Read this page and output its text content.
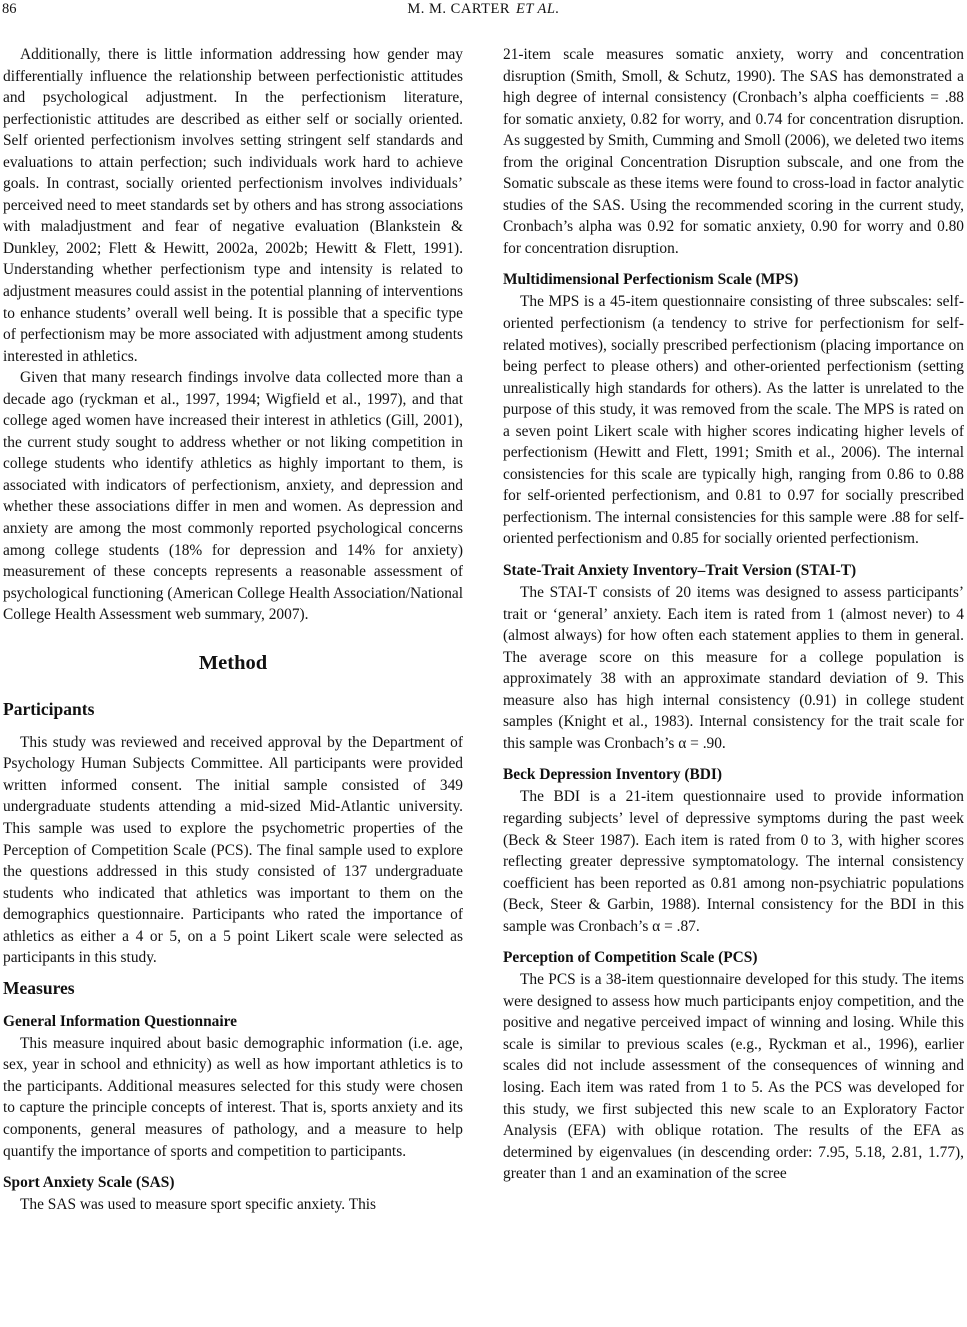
86	M. M. CARTER ET AL.

Additionally, there is little information addressing how gender may differentially influence the relationship between perfectionistic attitudes and psychological adjustment. In the perfectionism literature, perfectionistic attitudes are described as either self or socially oriented. Self oriented perfectionism involves setting stringent self standards and evaluations to attain perfection; such individuals work hard to achieve goals. In contrast, socially oriented perfectionism involves individuals’ perceived need to meet standards set by others and has strong associations with maladjustment and fear of negative evaluation (Blankstein & Dunkley, 2002; Flett & Hewitt, 2002a, 2002b; Hewitt & Flett, 1991). Understanding whether perfectionism type and intensity is related to adjustment measures could assist in the potential planning of interventions to enhance students’ overall well being. It is possible that a specific type of perfectionism may be more associated with adjustment among students interested in athletics.

Given that many research findings involve data collected more than a decade ago (ryckman et al., 1997, 1994; Wigfield et al., 1997), and that college aged women have increased their interest in athletics (Gill, 2001), the current study sought to address whether or not liking competition in college students who identify athletics as highly important to them, is associated with indicators of perfectionism, anxiety, and depression and whether these associations differ in men and women. As depression and anxiety are among the most commonly reported psychological concerns among college students (18% for depression and 14% for anxiety) measurement of these concepts represents a reasonable assessment of psychological functioning (American College Health Association/National College Health Assessment web summary, 2007).

Method
Participants

This study was reviewed and received approval by the Department of Psychology Human Subjects Committee. All participants were provided written informed consent. The initial sample consisted of 349 undergraduate students attending a mid-sized Mid-Atlantic university. This sample was used to explore the psychometric properties of the Perception of Competition Scale (PCS). The final sample used to explore the questions addressed in this study consisted of 137 undergraduate students who indicated that athletics was important to them on the demographics questionnaire. Participants who rated the importance of athletics as either a 4 or 5, on a 5 point Likert scale were selected as participants in this study.

Measures
General Information Questionnaire

This measure inquired about basic demographic information (i.e. age, sex, year in school and ethnicity) as well as how important athletics is to the participants. Additional measures selected for this study were chosen to capture the principle concepts of interest. That is, sports anxiety and its components, general measures of pathology, and a measure to help quantify the importance of sports and competition to participants.

Sport Anxiety Scale (SAS)

The SAS was used to measure sport specific anxiety. This

21-item scale measures somatic anxiety, worry and concentration disruption (Smith, Smoll, & Schutz, 1990). The SAS has demonstrated a high degree of internal consistency (Cronbach’s alpha coefficients = .88 for somatic anxiety, 0.82 for worry, and 0.74 for concentration disruption. As suggested by Smith, Cumming and Smoll (2006), we deleted two items from the original Concentration Disruption subscale, and one from the Somatic subscale as these items were found to cross-load in factor analytic studies of the SAS. Using the recommended scoring in the current study, Cronbach’s alpha was 0.92 for somatic anxiety, 0.90 for worry and 0.80 for concentration disruption.

Multidimensional Perfectionism Scale (MPS)

The MPS is a 45-item questionnaire consisting of three subscales: self-oriented perfectionism (a tendency to strive for perfectionism for self-related motives), socially prescribed perfectionism (placing importance on being perfect to please others) and other-oriented perfectionism (setting unrealistically high standards for others). As the latter is unrelated to the purpose of this study, it was removed from the scale. The MPS is rated on a seven point Likert scale with higher scores indicating higher levels of perfectionism (Hewitt and Flett, 1991; Smith et al., 2006). The internal consistencies for this scale are typically high, ranging from 0.86 to 0.88 for self-oriented perfectionism, and 0.81 to 0.97 for socially prescribed perfectionism. The internal consistencies for this sample were .88 for self-oriented perfectionism and 0.85 for socially oriented perfectionism.

State-Trait Anxiety Inventory–Trait Version (STAI-T)

The STAI-T consists of 20 items was designed to assess participants’ trait or ‘general’ anxiety. Each item is rated from 1 (almost never) to 4 (almost always) for how often each statement applies to them in general. The average score on this measure for a college population is approximately 38 with an approximate standard deviation of 9. This measure also has high internal consistency (0.91) in college student samples (Knight et al., 1983). Internal consistency for the trait scale for this sample was Cronbach’s α = .90.

Beck Depression Inventory (BDI)

The BDI is a 21-item questionnaire used to provide information regarding subjects’ level of depressive symptoms during the past week (Beck & Steer 1987). Each item is rated from 0 to 3, with higher scores reflecting greater depressive symptomatology. The internal consistency coefficient has been reported as 0.81 among non-psychiatric populations (Beck, Steer & Garbin, 1988). Internal consistency for the BDI in this sample was Cronbach’s α = .87.

Perception of Competition Scale (PCS)

The PCS is a 38-item questionnaire developed for this study. The items were designed to assess how much participants enjoy competition, and the positive and negative perceived impact of winning and losing. While this scale is similar to previous scales (e.g., Ryckman et al., 1996), earlier scales did not include assessment of the consequences of winning and losing. Each item was rated from 1 to 5. As the PCS was developed for this study, we first subjected this new scale to an Exploratory Factor Analysis (EFA) with oblique rotation. The results of the EFA as determined by eigenvalues (in descending order: 7.95, 5.18, 2.81, 1.77), greater than 1 and an examination of the scree
